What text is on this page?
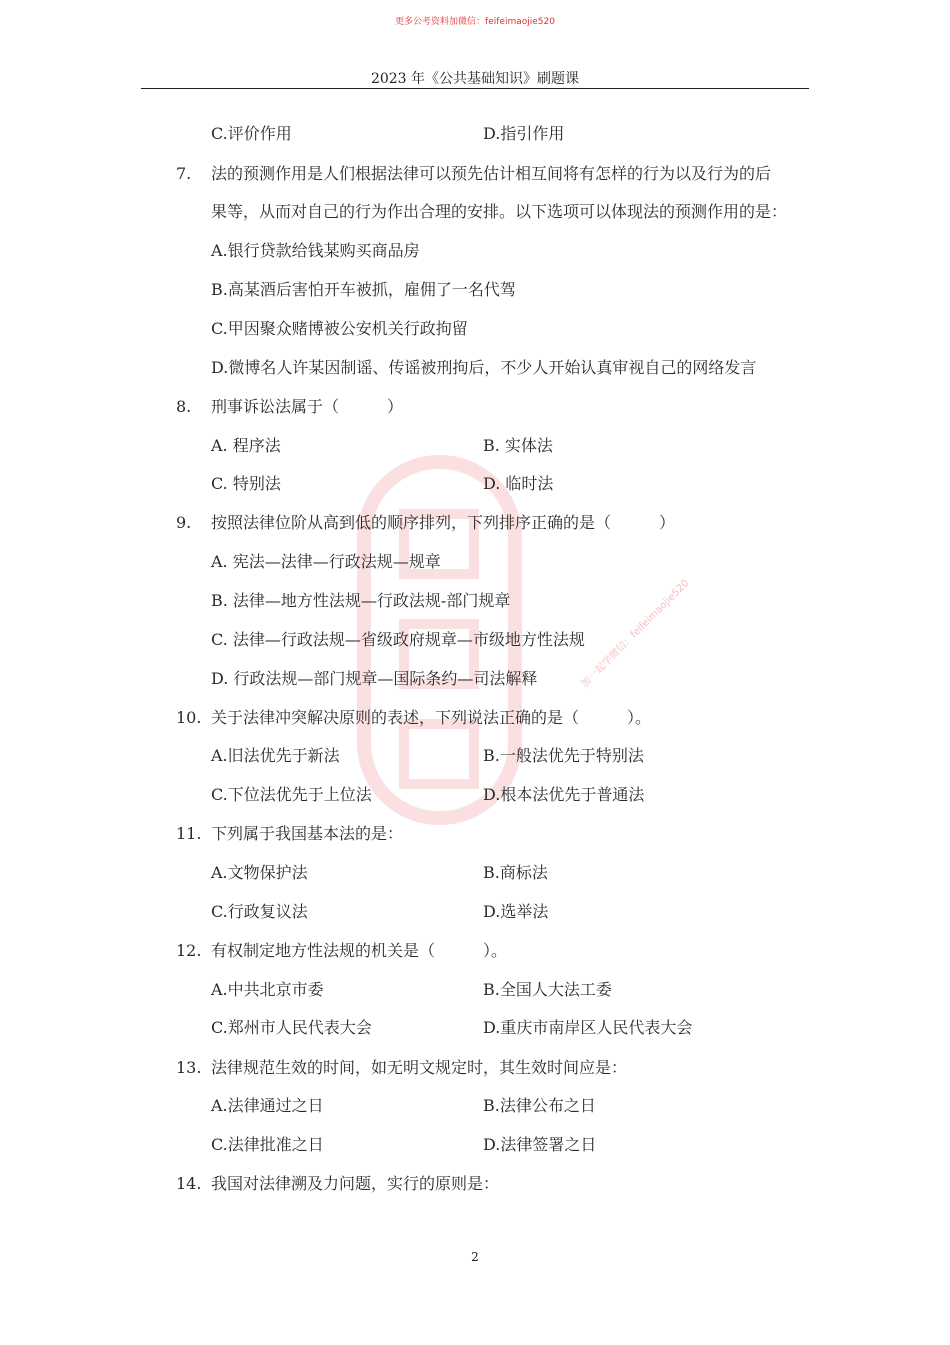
更多公考资料加微信：feifeimaojie520
2023 年《公共基础知识》刷题课
加一起学微信：feifeimaojie520
C.评价作用	D.指引作用
7. 法的预测作用是人们根据法律可以预先估计相互间将有怎样的行为以及行为的后
果等，从而对自己的行为作出合理的安排。以下选项可以体现法的预测作用的是：
A.银行贷款给钱某购买商品房
B.高某酒后害怕开车被抓，雇佣了一名代驾
C.甲因聚众赌博被公安机关行政拘留
D.微博名人许某因制谣、传谣被刑拘后，不少人开始认真审视自己的网络发言
8. 刑事诉讼法属于（　　　）
A. 程序法	B. 实体法
C. 特别法	D. 临时法
9. 按照法律位阶从高到低的顺序排列，下列排序正确的是（　　　）
A. 宪法—法律—行政法规—规章
B. 法律—地方性法规—行政法规-部门规章
C. 法律—行政法规—省级政府规章—市级地方性法规
D. 行政法规—部门规章—国际条约—司法解释
10. 关于法律冲突解决原则的表述，下列说法正确的是（　　　）。
A.旧法优先于新法	B.一般法优先于特别法
C.下位法优先于上位法	D.根本法优先于普通法
11. 下列属于我国基本法的是：
A.文物保护法	B.商标法
C.行政复议法	D.选举法
12. 有权制定地方性法规的机关是（　　　）。
A.中共北京市委	B.全国人大法工委
C.郑州市人民代表大会	D.重庆市南岸区人民代表大会
13. 法律规范生效的时间，如无明文规定时，其生效时间应是：
A.法律通过之日	B.法律公布之日
C.法律批准之日	D.法律签署之日
14. 我国对法律溯及力问题，实行的原则是：
2
